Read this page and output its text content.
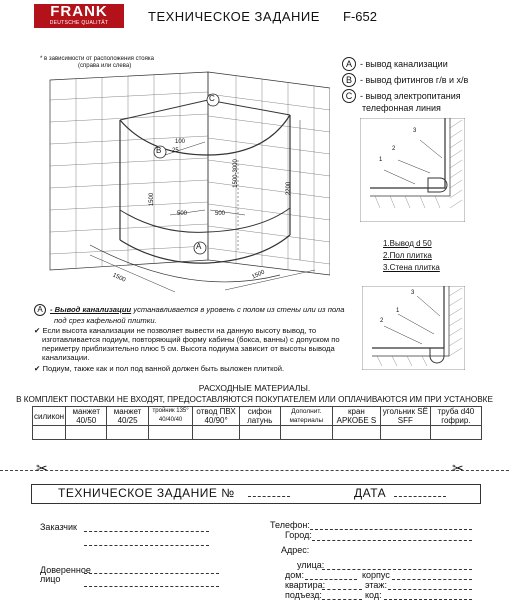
FRANK
DEUTSCHE QUALITÄT	ТЕХНИЧЕСКОЕ ЗАДАНИЕ F-652
* в зависимости от расположения стояка
(справа или слева)
C
B
A
100
25
500	500
1500
1500-3000
2200
1500	1500
A - вывод канализации
B - вывод фитингов г/в и х/в
C - вывод электропитания
телефонная линия
3
2
1
1.Вывод d 50
2.Пол плитка
3.Стена плитка
3
1
2
A - Вывод канализации устанавливается в уровень с полом из стены или из пола
под срез кафельной плитки.
✔ Если высота канализации не позволяет вывести на данную высоту вывод, то изготавливается подиум, повторяющий форму кабины (бокса, ванны) с допуском по периметру приблизительно плюс 5 см. Высота подиума зависит от высоты вывода канализации.
✔ Подиум, также как и пол под ванной должен быть выложен плиткой.
РАСХОДНЫЕ МАТЕРИАЛЫ.
В КОМПЛЕКТ ПОСТАВКИ НЕ ВХОДЯТ, ПРЕДОСТАВЛЯЮТСЯ ПОКУПАТЕЛЕМ ИЛИ ОПЛАЧИВАЮТСЯ ИМ ПРИ УСТАНОВКЕ
силикон	манжет 40/50	манжет 40/25	тройник 135° 40/40/40	отвод ПВХ 40/90°	сифон латунь	Дополнит. материалы	кран АРКОБЕ S	угольник SЁ SFF	труба d40 гофрир.

✂	✂
ТЕХНИЧЕСКОЕ ЗАДАНИЕ №	ДАТА
Заказчик
Доверенное
лицо
Телефон:
Город:
Адрес:
улица:
дом:	корпус
квартира:	этаж:
подъезд:	код:
